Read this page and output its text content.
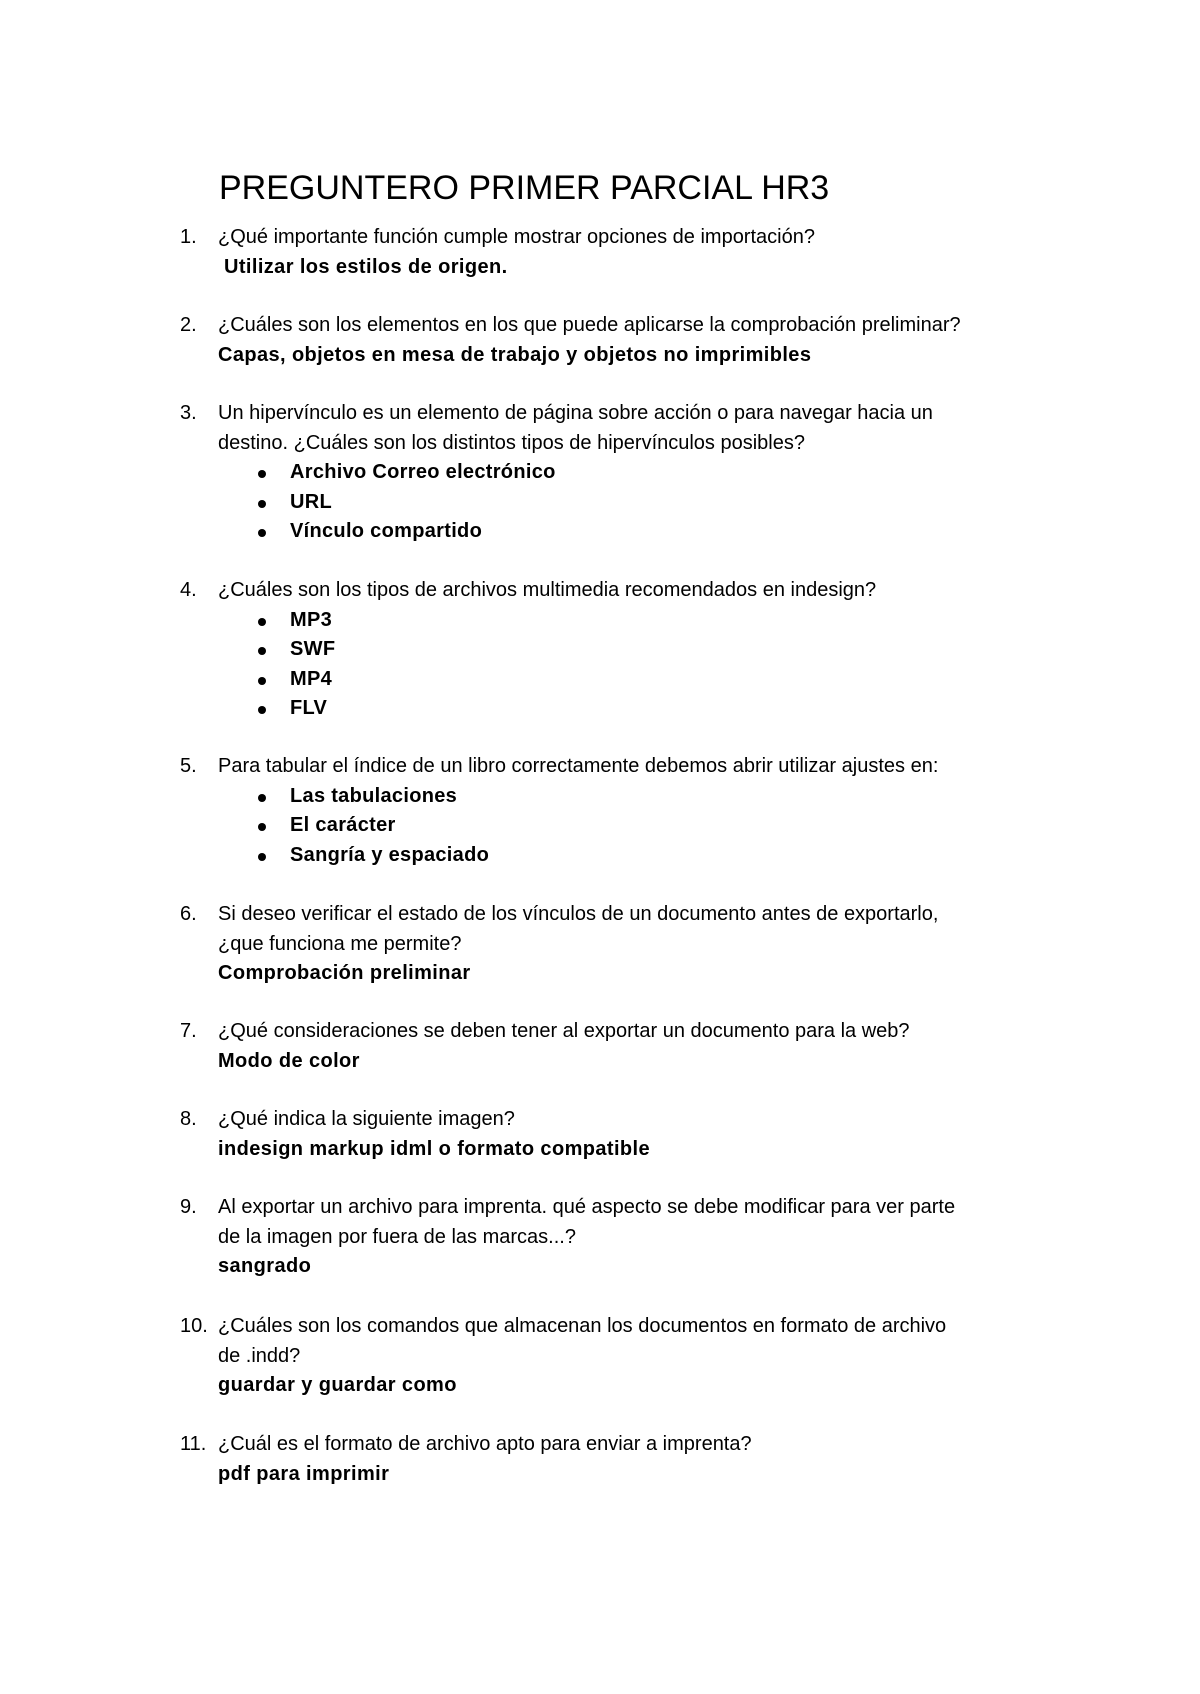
PREGUNTERO PRIMER PARCIAL HR3
1. ¿Qué importante función cumple mostrar opciones de importación?
Utilizar los estilos de origen.
2. ¿Cuáles son los elementos en los que puede aplicarse la comprobación preliminar?
Capas, objetos en mesa de trabajo y objetos no imprimibles
3. Un hipervínculo es un elemento de página sobre acción o para navegar hacia un
destino. ¿Cuáles son los distintos tipos de hipervínculos posibles?
Archivo Correo electrónico
URL
Vínculo compartido
4. ¿Cuáles son los tipos de archivos multimedia recomendados en indesign?
MP3
SWF
MP4
FLV
5. Para tabular el índice de un libro correctamente debemos abrir utilizar ajustes en:
Las tabulaciones
El carácter
Sangría y espaciado
6. Si deseo verificar el estado de los vínculos de un documento antes de exportarlo,
¿que funciona me permite?
Comprobación preliminar
7. ¿Qué consideraciones se deben tener al exportar un documento para la web?
Modo de color
8. ¿Qué indica la siguiente imagen?
indesign markup idml o formato compatible
9. Al exportar un archivo para imprenta. qué aspecto se debe modificar para ver parte
de la imagen por fuera de las marcas...?
sangrado
10. ¿Cuáles son los comandos que almacenan los documentos en formato de archivo
de .indd?
guardar y guardar como
11. ¿Cuál es el formato de archivo apto para enviar a imprenta?
pdf para imprimir
